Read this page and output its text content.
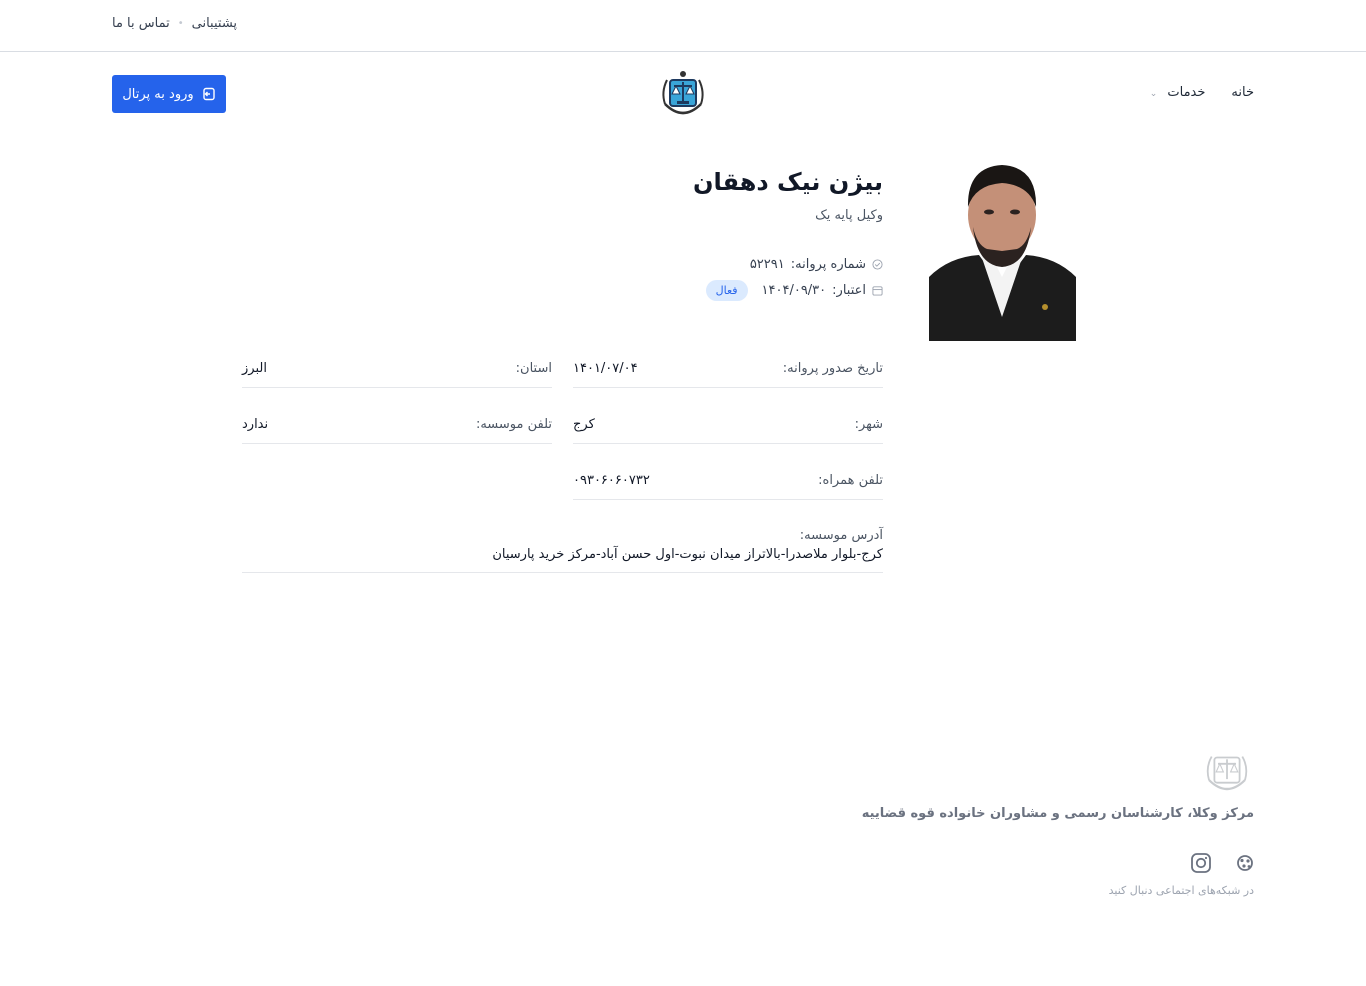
پشتیبانی
•
تماس با ما
خانه
خدمات ⌄
ورود به پرتال
بیژن نیک دهقان
وکیل پایه یک
شماره پروانه:
۵۲۲۹۱
اعتبار:
۱۴۰۴/۰۹/۳۰
فعال
تاریخ صدور پروانه:
۱۴۰۱/۰۷/۰۴
استان:
البرز
شهر:
کرج
تلفن موسسه:
ندارد
تلفن همراه:
۰۹۳۰۶۰۶۰۷۳۲
آدرس موسسه:
کرج-بلوار ملاصدرا-بالاتراز میدان نبوت-اول حسن آباد-مرکز خرید پارسیان
مرکز وکلا، کارشناسان رسمی و مشاوران خانواده قوه قضاییه
در شبکه‌های اجتماعی دنبال کنید
